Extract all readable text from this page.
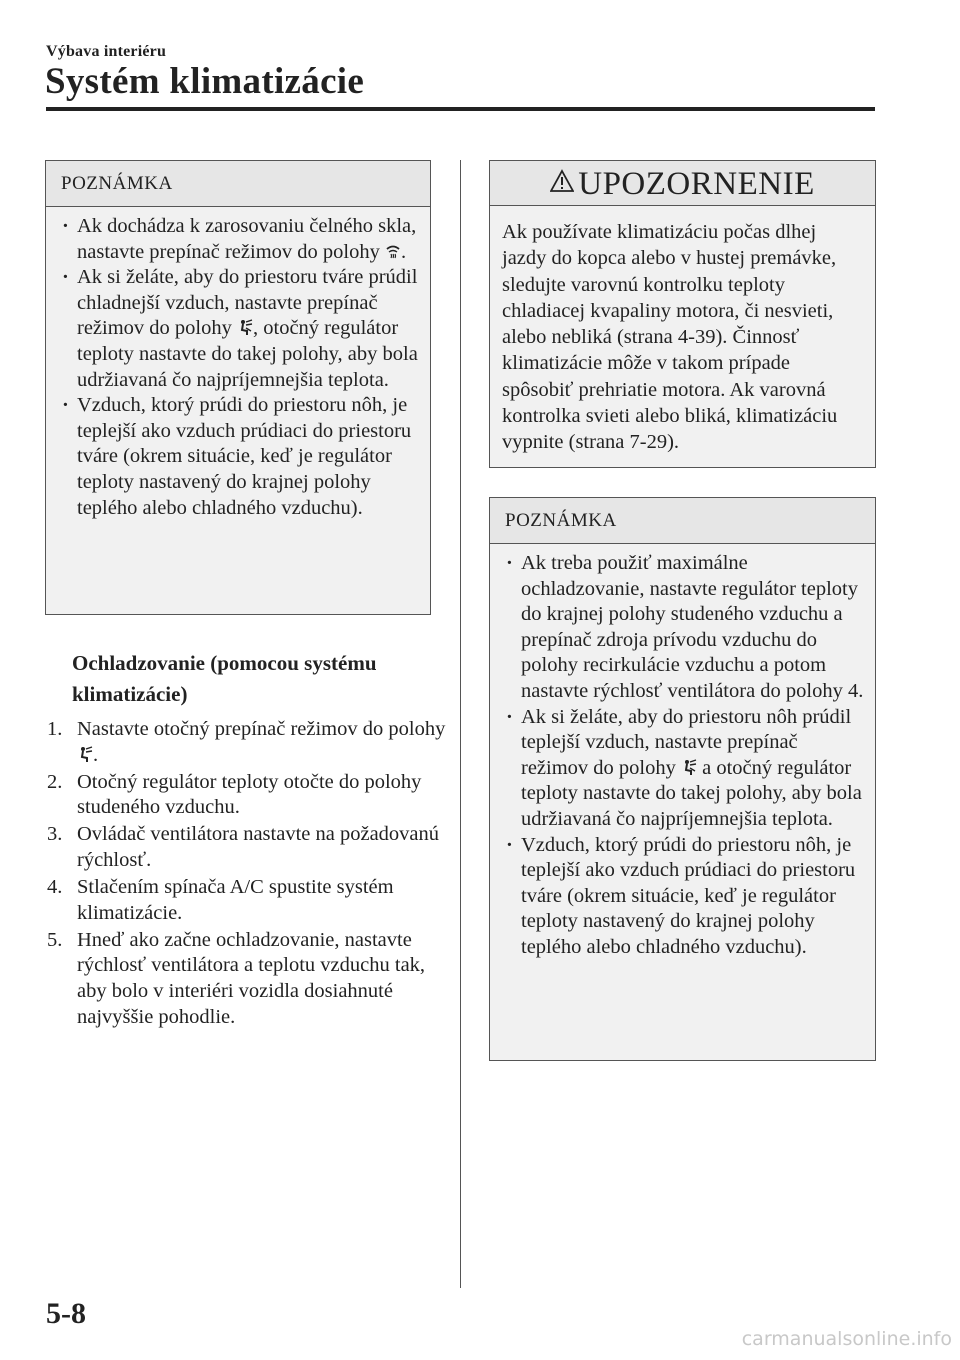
Výbava interiéru
Systém klimatizácie
POZNÁMKA
· Ak dochádza k zarosovaniu čelného skla, nastavte prepínač režimov do polohy .
· Ak si želáte, aby do priestoru tváre prúdil chladnejší vzduch, nastavte prepínač režimov do polohy , otočný regulátor teploty nastavte do takej polohy, aby bola udržiavaná čo najpríjemnejšia teplota.
· Vzduch, ktorý prúdi do priestoru nôh, je teplejší ako vzduch prúdiaci do priestoru tváre (okrem situácie, keď je regulátor teploty nastavený do krajnej polohy teplého alebo chladného vzduchu).
Ochladzovanie (pomocou systému klimatizácie)
1. Nastavte otočný prepínač režimov do polohy .
2. Otočný regulátor teploty otočte do polohy studeného vzduchu.
3. Ovládač ventilátora nastavte na požadovanú rýchlosť.
4. Stlačením spínača A/C spustite systém klimatizácie.
5. Hneď ako začne ochladzovanie, nastavte rýchlosť ventilátora a teplotu vzduchu tak, aby bolo v interiéri vozidla dosiahnuté najvyššie pohodlie.
UPOZORNENIE
Ak používate klimatizáciu počas dlhej jazdy do kopca alebo v hustej premávke, sledujte varovnú kontrolku teploty chladiacej kvapaliny motora, či nesvieti, alebo nebliká (strana 4-39). Činnosť klimatizácie môže v takom prípade spôsobiť prehriatie motora. Ak varovná kontrolka svieti alebo bliká, klimatizáciu vypnite (strana 7-29).
POZNÁMKA
· Ak treba použiť maximálne ochladzovanie, nastavte regulátor teploty do krajnej polohy studeného vzduchu a prepínač zdroja prívodu vzduchu do polohy recirkulácie vzduchu a potom nastavte rýchlosť ventilátora do polohy 4.
· Ak si želáte, aby do priestoru nôh prúdil teplejší vzduch, nastavte prepínač režimov do polohy  a otočný regulátor teploty nastavte do takej polohy, aby bola udržiavaná čo najpríjemnejšia teplota.
· Vzduch, ktorý prúdi do priestoru nôh, je teplejší ako vzduch prúdiaci do priestoru tváre (okrem situácie, keď je regulátor teploty nastavený do krajnej polohy teplého alebo chladného vzduchu).
5-8
carmanualsonline.info
